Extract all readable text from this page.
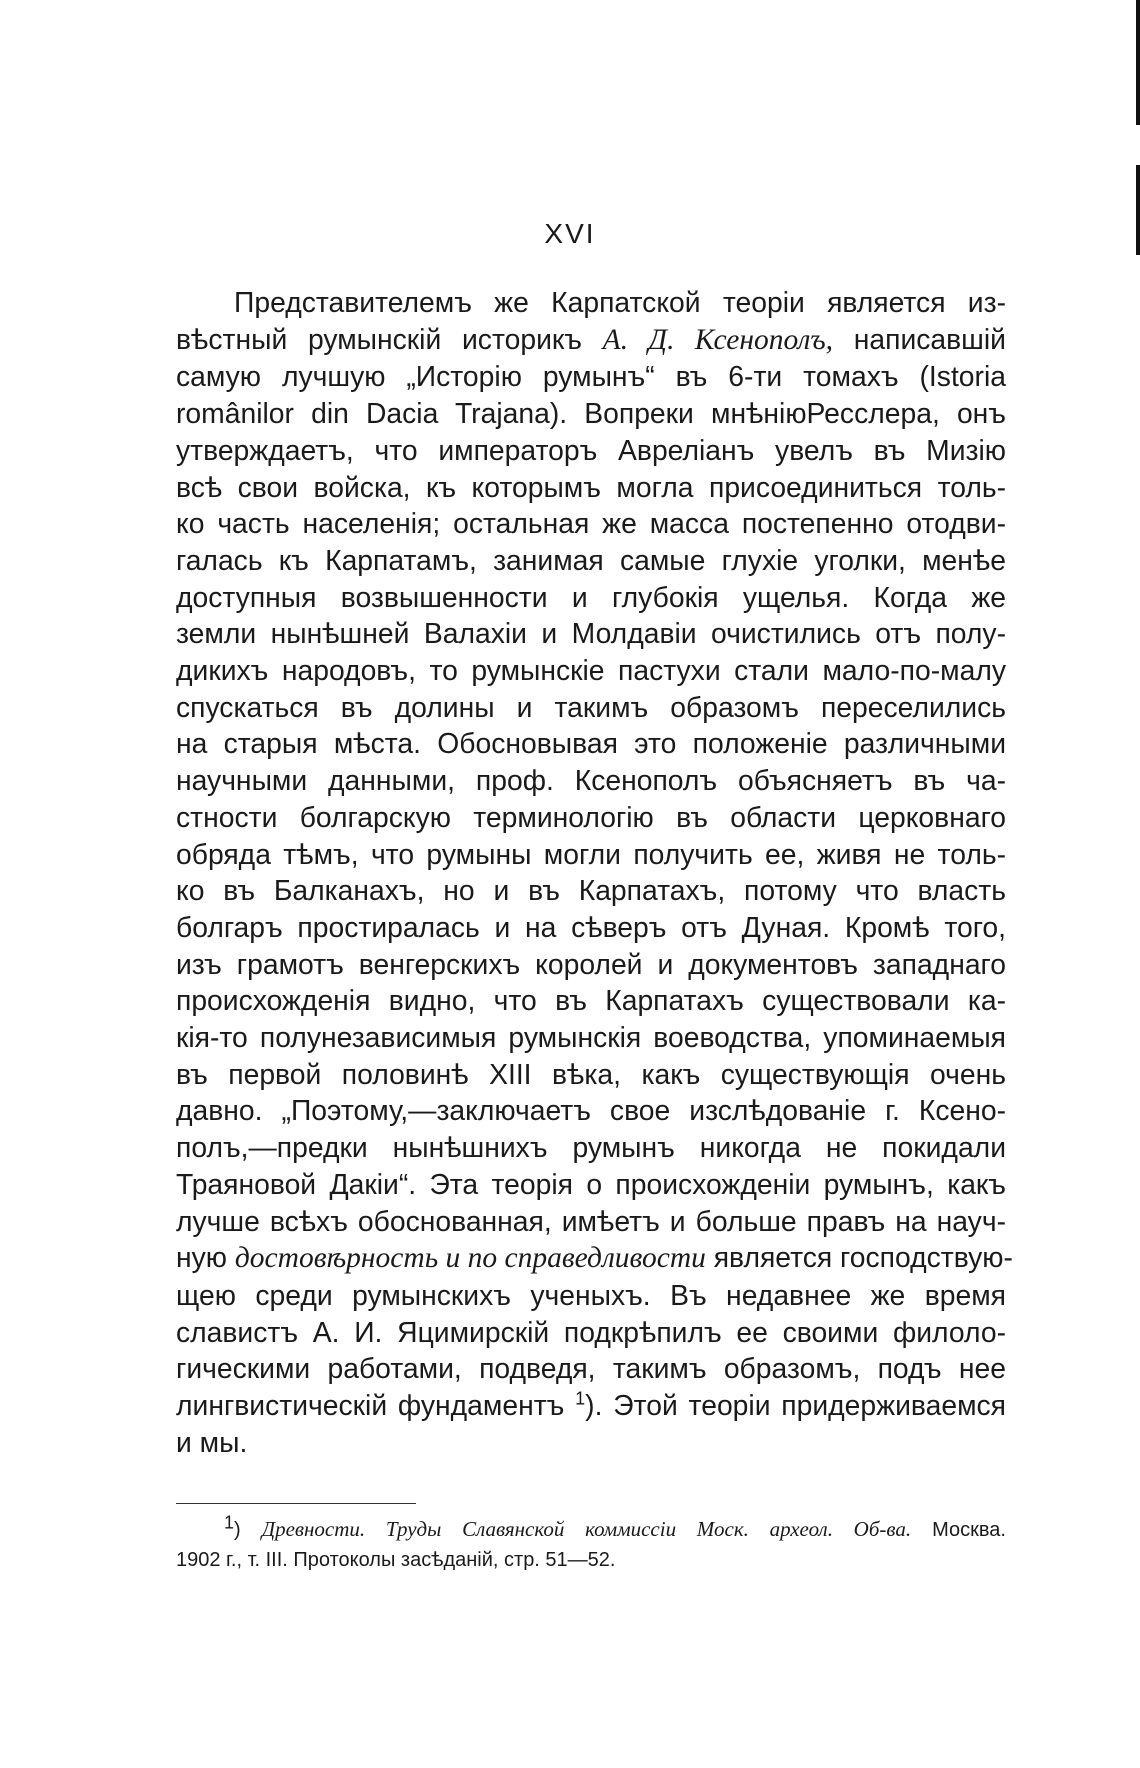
XVI
Представителемъ же Карпатской теоріи является из-
вѣстный румынскій историкъ А. Д. Ксенополъ, написавшій
самую лучшую „Исторію румынъ“ въ 6-ти томахъ (Istoria
românilor din Dacia Trajana). Вопреки мнѣніюРесслера, онъ
утверждаетъ, что императоръ Авреліанъ увелъ въ Мизію
всѣ свои войска, къ которымъ могла присоединиться толь-
ко часть населенія; остальная же масса постепенно отодви-
галась къ Карпатамъ, занимая самые глухіе уголки, менѣе
доступныя возвышенности и глубокія ущелья. Когда же
земли нынѣшней Валахіи и Молдавіи очистились отъ полу-
дикихъ народовъ, то румынскіе пастухи стали мало-по-малу
спускаться въ долины и такимъ образомъ переселились
на старыя мѣста. Обосновывая это положеніе различными
научными данными, проф. Ксенополъ объясняетъ въ ча-
стности болгарскую терминологію въ области церковнаго
обряда тѣмъ, что румыны могли получить ее, живя не толь-
ко въ Балканахъ, но и въ Карпатахъ, потому что власть
болгаръ простиралась и на сѣверъ отъ Дуная. Кромѣ того,
изъ грамотъ венгерскихъ королей и документовъ западнаго
происхожденія видно, что въ Карпатахъ существовали ка-
кія-то полунезависимыя румынскія воеводства, упоминаемыя
въ первой половинѣ XIII вѣка, какъ существующія очень
давно. „Поэтому,—заключаетъ свое изслѣдованіе г. Ксено-
полъ,—предки нынѣшнихъ румынъ никогда не покидали
Траяновой Дакіи“. Эта теорія о происхожденіи румынъ, какъ
лучше всѣхъ обоснованная, имѣетъ и больше правъ на науч-
ную достовѣрность и по справедливости является господствую-
щею среди румынскихъ ученыхъ. Въ недавнее же время
славистъ А. И. Яцимирскій подкрѣпилъ ее своими филоло-
гическими работами, подведя, такимъ образомъ, подъ нее
лингвистическій фундаментъ $^1$). Этой теоріи придерживаемся
и мы.
$^1$) Древности. Труды Славянской коммиссіи Моск. археол. Об-ва. Москва.
1902 г., т. III. Протоколы засѣданій, стр. 51—52.
